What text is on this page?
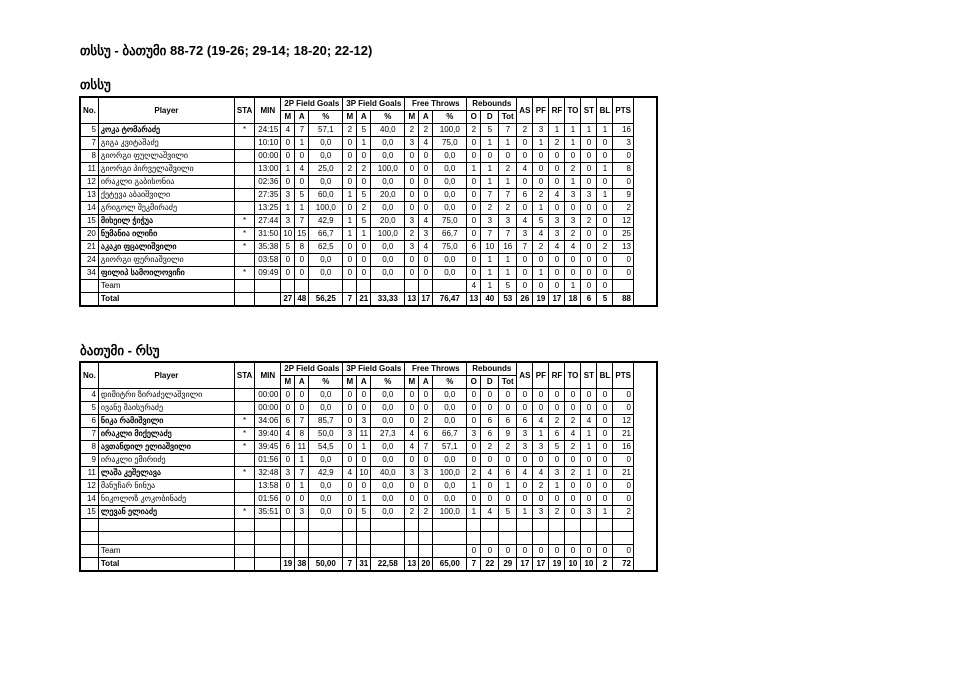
თსსუ - ბათუმი 88-72 (19-26; 29-14; 18-20; 22-12)
თსსუ
No.	Player	STA	MIN	2P Field Goals			3P Field Goals			Free Throws			Rebounds			AS	PF	RF	TO	ST	BL	PTS
				M	A	%	M	A	%	M	A	%	O	D	Tot							
5	კოკა ტომარაძე	*	24:15	4	7	57,1	2	5	40,0	2	2	100,0	2	5	7	2	3	1	1	1	1	16
7	გიგა კვიტაშაძე		10:10	0	1	0,0	0	1	0,0	3	4	75,0	0	1	1	0	1	2	1	0	0	3
8	გიორგი ფუღლაშვილი		00:00	0	0	0,0	0	0	0,0	0	0	0,0	0	0	0	0	0	0	0	0	0	0
11	გიორგი პირველაშვილი		13:00	1	4	25,0	2	2	100,0	0	0	0,0	1	1	2	4	0	0	2	0	1	8
12	ირაკლი გაბისონია		02:36	0	0	0,0	0	0	0,0	0	0	0,0	0	1	1	0	0	0	1	0	0	0
13	ქეტევა აბაიშვილი		27:35	3	5	60,0	1	5	20,0	0	0	0,0	0	7	7	6	2	4	3	3	1	9
14	გრიგოლ შეკმირაძე		13:25	1	1	100,0	0	2	0,0	0	0	0,0	0	2	2	0	1	0	0	0	0	2
15	მიხეილ ჭიჭუა	*	27:44	3	7	42,9	1	5	20,0	3	4	75,0	0	3	3	4	5	3	3	2	0	12
20	ნუმანია ილიჩი	*	31:50	10	15	66,7	1	1	100,0	2	3	66,7	0	7	7	3	4	3	2	0	0	25
21	აკაკი ფცალიშვილი	*	35:38	5	8	62,5	0	0	0,0	3	4	75,0	6	10	16	7	2	4	4	0	2	13
24	გიორგი ფერიაშვილი		03:58	0	0	0,0	0	0	0,0	0	0	0,0	0	1	1	0	0	0	0	0	0	0
34	ფილიპ სამოილოვიჩი	*	09:49	0	0	0,0	0	0	0,0	0	0	0,0	0	1	1	0	1	0	0	0	0	0
	Team												4	1	5	0	0	0	1	0	0	
	Total			27	48	56,25	7	21	33,33	13	17	76,47	13	40	53	26	19	17	18	6	5	88
ბათუმი - რსუ
No.	Player	STA	MIN	2P Field Goals			3P Field Goals			Free Throws			Rebounds			AS	PF	RF	TO	ST	BL	PTS
				M	A	%	M	A	%	M	A	%	O	D	Tot							
4	დიმიტრი ზირაძელაშვილი		00:00	0	0	0,0	0	0	0,0	0	0	0,0	0	0	0	0	0	0	0	0	0	0
5	ივანე შაისურაძე		00:00	0	0	0,0	0	0	0,0	0	0	0,0	0	0	0	0	0	0	0	0	0	0
6	ნიკა რამიშვილი	*	34:06	6	7	85,7	0	3	0,0	0	2	0,0	0	6	6	6	4	2	2	4	0	12
7	ირაკლი მიქელაძე	*	39:40	4	8	50,0	3	11	27,3	4	6	66,7	3	6	9	3	1	6	4	1	0	21
8	ავთანდილ ელიაშვილი	*	39:45	6	11	54,5	0	1	0,0	4	7	57,1	0	2	2	3	3	5	2	1	0	16
9	ირაკლი ემირიძე		01:56	0	1	0,0	0	0	0,0	0	0	0,0	0	0	0	0	0	0	0	0	0	0
11	ლაშა კეშელავა	*	32:48	3	7	42,9	4	10	40,0	3	3	100,0	2	4	6	4	4	3	2	1	0	21
12	მანუჩარ ნინუა		13:58	0	1	0,0	0	0	0,0	0	0	0,0	1	0	1	0	2	1	0	0	0	0
14	ნიკოლოზ კოკობინაძე		01:56	0	0	0,0	0	1	0,0	0	0	0,0	0	0	0	0	0	0	0	0	0	0
15	ლევან ელიაძე	*	35:51	0	3	0,0	0	5	0,0	2	2	100,0	1	4	5	1	3	2	0	3	1	2

	Team												0	0	0	0	0	0	0	0	0	0
	Total			19	38	50,00	7	31	22,58	13	20	65,00	7	22	29	17	17	19	10	10	2	72
